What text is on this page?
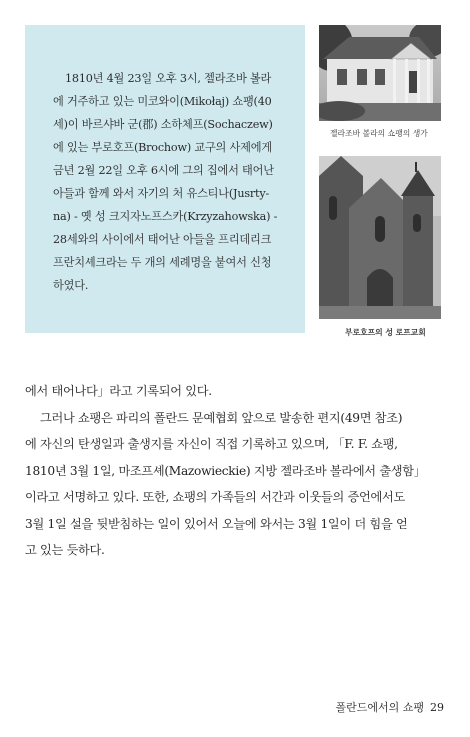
1810년 4월 23일 오후 3시, 젤라조바 볼라
에 거주하고 있는 미코와이(Mikołaj) 쇼팽(40
세)이 바르샤바 군(郡) 소하체프(Sochaczew)
에 있는 부로호프(Brochow) 교구의 사제에게
금년 2월 22일 오후 6시에 그의 집에서 태어난
아들과 함께 와서 자기의 처 유스티나(Jusrty-
na) - 옛 성 크지자노프스카(Krzyzahowska) -
28세와의 사이에서 태어난 아들을 프리데리크
프란치셰크라는 두 개의 세례명을 붙여서 신청
하였다.

젤라조바 볼라의 쇼팽의 생가
부로호프의 성 로프교회
에서 태어나다」라고 기록되어 있다.
그러나 쇼팽은 파리의 폴란드 문예협회 앞으로 발송한 편지(49면 참조)
에 자신의 탄생일과 출생지를 자신이 직접 기록하고 있으며, 「F. F. 쇼팽,
1810년 3월 1일, 마조프셰(Mazowieckie) 지방 젤라조바 볼라에서 출생함」
이라고 서명하고 있다. 또한, 쇼팽의 가족들의 서간과 이웃들의 증언에서도
3월 1일 설을 뒷받침하는 일이 있어서 오늘에 와서는 3월 1일이 더 힘을 얻
고 있는 듯하다.
폴란드에서의 쇼팽 29
